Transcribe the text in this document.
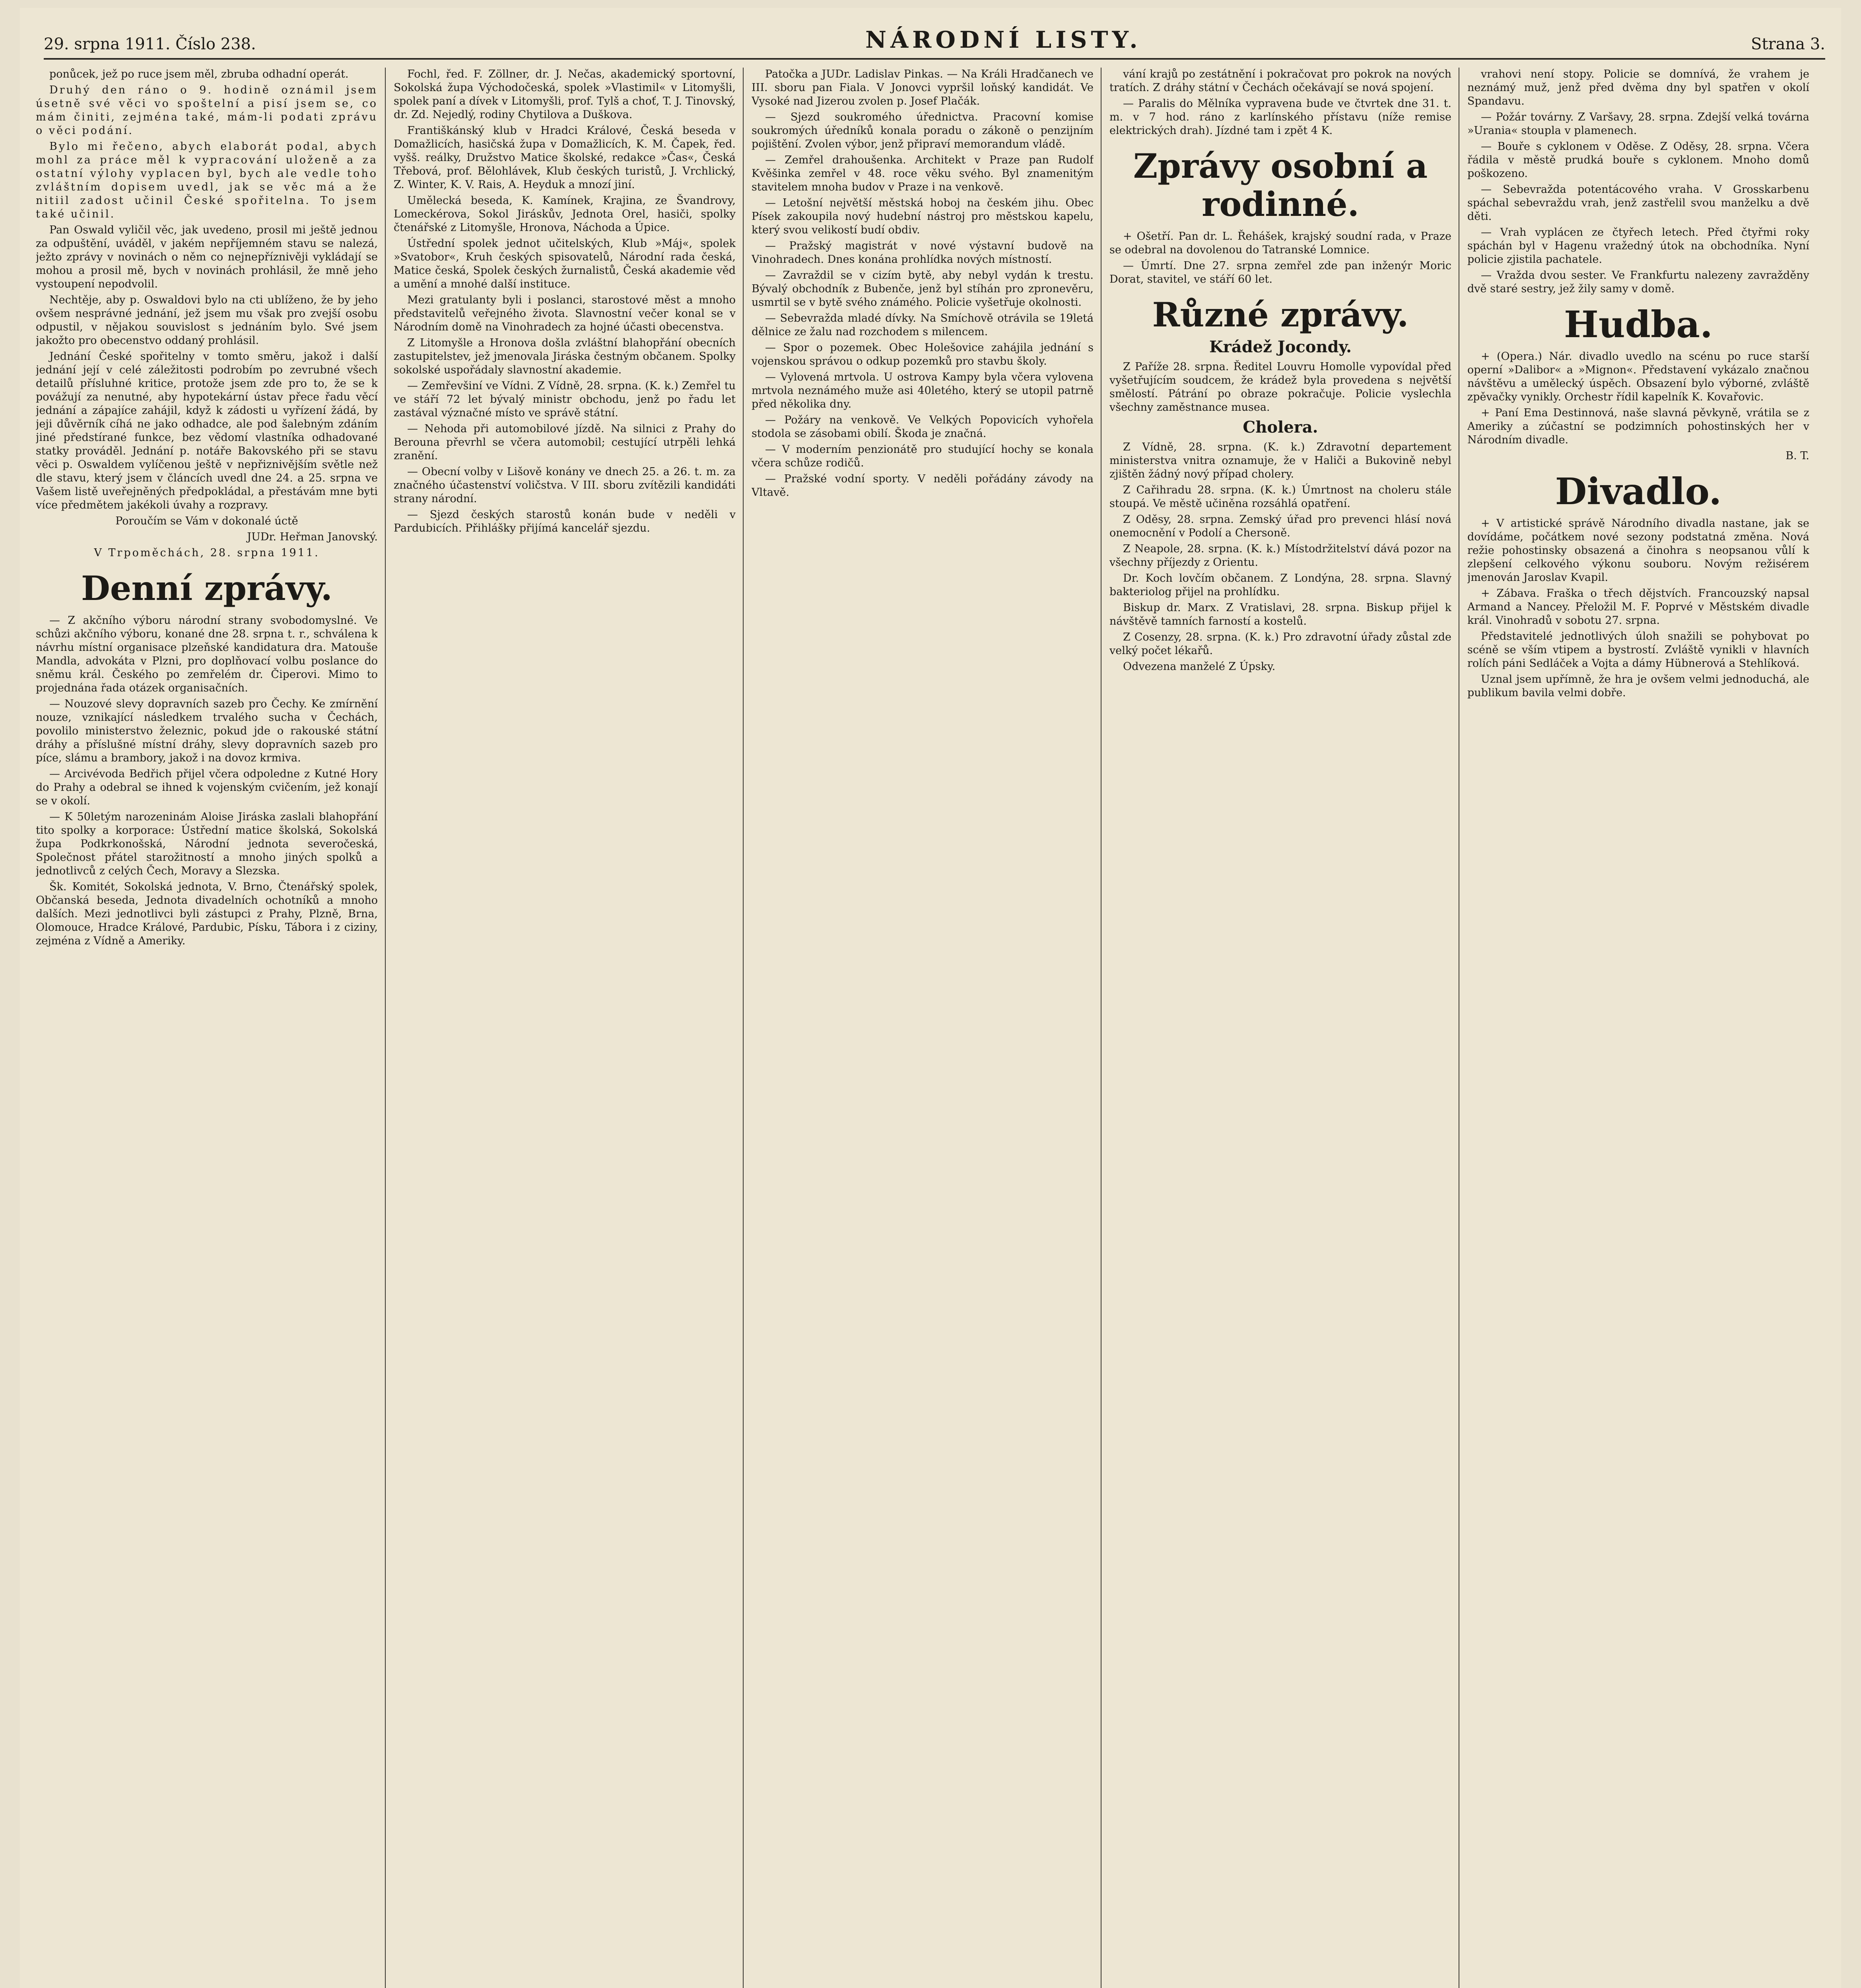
29. srpna 1911. Číslo 238.	NÁRODNÍ LISTY.	Strana 3.

ponůcek, jež po ruce jsem měl, zbruba odhadní operát.

Druhý den ráno o 9. hodině oznámil jsem úsetně své věci vo spoštelní a pisí jsem se, co mám činiti, zejména také, mám-li podati zprávu o věci podání.

Bylo mi řečeno, abych elaborát podal, abych mohl za práce měl k vypracování uloženě a za ostatní výlohy vyplacen byl, bych ale vedle toho zvláštním dopisem uvedl, jak se věc má a že nitiil zadost učinil České spořitelna. To jsem také učinil.

Pan Oswald vyličil věc, jak uvedeno, prosil mi ještě jednou za odpuštění, uváděl, v jakém nepříjemném stavu se nalezá, ježto zprávy v novinách o něm co nejnepříznivěji vykládají se mohou a prosil mě, bych v novinách prohlásil, že mně jeho vystoupení nepodvolil.

Nechtěje, aby p. Oswaldovi bylo na cti ublíženo, že by jeho ovšem nesprávné jednání, jež jsem mu však pro zvejší osobu odpustil, v nějakou souvislost s jednáním bylo. Své jsem jakožto pro obecenstvo oddaný prohlásil.

Jednání České spořitelny v tomto směru, jakož i další jednání její v celé záležitosti podrobím po zevrubné všech detailů přísluhné kritice, protože jsem zde pro to, že se k povážují za nenutné, aby hypotekární ústav přece řadu věcí jednání a zápajíce zahájil, když k zádosti u vyřízení žádá, by jeji důvěrník cíhá ne jako odhadce, ale pod šalebným zdáním jiné předstírané funkce, bez vědomí vlastníka odhadované statky prováděl. Jednání p. notáře Bakovského při se stavu věci p. Oswaldem vylíčenou ještě v nepřiznivějším světle než dle stavu, který jsem v článcích uvedl dne 24. a 25. srpna ve Vašem listě uveřejněných předpokládal, a přestávám mne byti více předmětem jakékoli úvahy a rozpravy.

Poroučím se Vám v dokonalé úctě

JUDr. Heřman Janovský.

V Trpoměchách, 28. srpna 1911.

Denní zprávy.

— Z akčního výboru národní strany svobodomyslné. Ve schůzi akčního výboru, konané dne 28. srpna t. r., schválena k návrhu místní organisace plzeňské kandidatura dra. Matouše Mandla, advokáta v Plzni, pro doplňovací volbu poslance do sněmu král. Českého po zemřelém dr. Čiperovi. Mimo to projednána řada otázek organisačních.

— Nouzové slevy dopravních sazeb pro Čechy. Ke zmírnění nouze, vznikající následkem trvalého sucha v Čechách, povolilo ministerstvo železnic, pokud jde o rakouské státní dráhy a příslušné místní dráhy, slevy dopravních sazeb pro píce, slámu a brambory, jakož i na dovoz krmiva.

— Arcivévoda Bedřich přijel včera odpoledne z Kutné Hory do Prahy a odebral se ihned k vojenským cvičením, jež konají se v okolí.

— K 50letým narozeninám Aloise Jiráska zaslali blahopřání tito spolky a korporace: Ústřední matice školská, Sokolská župa Podkrkonošská, Národní jednota severočeská, Společnost přátel starožitností a mnoho jiných spolků a jednotlivců z celých Čech, Moravy a Slezska.

Šk. Komitét, Sokolská jednota, V. Brno, Čtenářský spolek, Občanská beseda, Jednota divadelních ochotníků a mnoho dalších. Mezi jednotlivci byli zástupci z Prahy, Plzně, Brna, Olomouce, Hradce Králové, Pardubic, Písku, Tábora i z ciziny, zejména z Vídně a Ameriky.

Fochl, řed. F. Zöllner, dr. J. Nečas, akademický sportovní, Sokolská župa Východočeská, spolek »Vlastimil« v Litomyšli, spolek paní a dívek v Litomyšli, prof. Tylš a choť, T. J. Tinovský, dr. Zd. Nejedlý, rodiny Chytilova a Duškova.

Františkánský klub v Hradci Králové, Česká beseda v Domažlicích, hasičská župa v Domažlicích, K. M. Čapek, řed. vyšš. reálky, Družstvo Matice školské, redakce »Čas«, Česká Třebová, prof. Bělohlávek, Klub českých turistů, J. Vrchlický, Z. Winter, K. V. Rais, A. Heyduk a mnozí jiní.

Umělecká beseda, K. Kamínek, Krajina, ze Švandrovy, Lomeckérova, Sokol Jiráskův, Jednota Orel, hasiči, spolky čtenářské z Litomyšle, Hronova, Náchoda a Úpice.

Ústřední spolek jednot učitelských, Klub »Máj«, spolek »Svatobor«, Kruh českých spisovatelů, Národní rada česká, Matice česká, Spolek českých žurnalistů, Česká akademie věd a umění a mnohé další instituce.

Mezi gratulanty byli i poslanci, starostové měst a mnoho představitelů veřejného života. Slavnostní večer konal se v Národním domě na Vinohradech za hojné účasti obecenstva.

Z Litomyšle a Hronova došla zvláštní blahopřání obecních zastupitelstev, jež jmenovala Jiráska čestným občanem. Spolky sokolské uspořádaly slavnostní akademie.

— Zemřevšiní ve Vídni. Z Vídně, 28. srpna. (K. k.) Zemřel tu ve stáří 72 let bývalý ministr obchodu, jenž po řadu let zastával význačné místo ve správě státní.

— Nehoda při automobilové jízdě. Na silnici z Prahy do Berouna převrhl se včera automobil; cestující utrpěli lehká zranění.

— Obecní volby v Lišově konány ve dnech 25. a 26. t. m. za značného účastenství voličstva. V III. sboru zvítězili kandidáti strany národní.

— Sjezd českých starostů konán bude v neděli v Pardubicích. Přihlášky přijímá kancelář sjezdu.

Patočka a JUDr. Ladislav Pinkas. — Na Králi Hradčanech ve III. sboru pan Fiala. V Jonovci vypršil loňský kandidát. Ve Vysoké nad Jizerou zvolen p. Josef Plačák.

— Sjezd soukromého úřednictva. Pracovní komise soukromých úředníků konala poradu o zákoně o penzijním pojištění. Zvolen výbor, jenž připraví memorandum vládě.

— Zemřel drahoušenka. Architekt v Praze pan Rudolf Kvěšinka zemřel v 48. roce věku svého. Byl znamenitým stavitelem mnoha budov v Praze i na venkově.

— Letošní největší městská hoboj na českém jihu. Obec Písek zakoupila nový hudební nástroj pro městskou kapelu, který svou velikostí budí obdiv.

— Pražský magistrát v nové výstavní budově na Vinohradech. Dnes konána prohlídka nových místností.

— Zavraždil se v cizím bytě, aby nebyl vydán k trestu. Bývalý obchodník z Bubenče, jenž byl stíhán pro zpronevěru, usmrtil se v bytě svého známého. Policie vyšetřuje okolnosti.

— Sebevražda mladé dívky. Na Smíchově otrávila se 19letá dělnice ze žalu nad rozchodem s milencem.

— Spor o pozemek. Obec Holešovice zahájila jednání s vojenskou správou o odkup pozemků pro stavbu školy.

— Vylovená mrtvola. U ostrova Kampy byla včera vylovena mrtvola neznámého muže asi 40letého, který se utopil patrně před několika dny.

— Požáry na venkově. Ve Velkých Popovicích vyhořela stodola se zásobami obilí. Škoda je značná.

— V moderním penzionátě pro studující hochy se konala včera schůze rodičů.

— Pražské vodní sporty. V neděli pořádány závody na Vltavě.

vání krajů po zestátnění i pokračovat pro pokrok na nových tratích. Z dráhy státní v Čechách očekávají se nová spojení.

— Paralis do Mělníka vypravena bude ve čtvrtek dne 31. t. m. v 7 hod. ráno z karlínského přístavu (níže remise elektrických drah). Jízdné tam i zpět 4 K.

Zprávy osobní a rodinné.

+ Ošetří. Pan dr. L. Řehášek, krajský soudní rada, v Praze se odebral na dovolenou do Tatranské Lomnice.

— Úmrtí. Dne 27. srpna zemřel zde pan inženýr Moric Dorat, stavitel, ve stáří 60 let.

Různé zprávy.
Krádež Jocondy.

Z Paříže 28. srpna. Ředitel Louvru Homolle vypovídal před vyšetřujícím soudcem, že krádež byla provedena s největší smělostí. Pátrání po obraze pokračuje. Policie vyslechla všechny zaměstnance musea.

Cholera.

Z Vídně, 28. srpna. (K. k.) Zdravotní departement ministerstva vnitra oznamuje, že v Haliči a Bukovině nebyl zjištěn žádný nový případ cholery.

Z Cařihradu 28. srpna. (K. k.) Úmrtnost na choleru stále stoupá. Ve městě učiněna rozsáhlá opatření.

Z Oděsy, 28. srpna. Zemský úřad pro prevenci hlásí nová onemocnění v Podolí a Chersoně.

Z Neapole, 28. srpna. (K. k.) Místodržitelství dává pozor na všechny příjezdy z Orientu.

Dr. Koch lovčím občanem. Z Londýna, 28. srpna. Slavný bakteriolog přijel na prohlídku.

Biskup dr. Marx. Z Vratislavi, 28. srpna. Biskup přijel k návštěvě tamních farností a kostelů.

Z Cosenzy, 28. srpna. (K. k.) Pro zdravotní úřady zůstal zde velký počet lékařů.

Odvezena manželé Z Úpsky.

vrahovi není stopy. Policie se domnívá, že vrahem je neznámý muž, jenž před dvěma dny byl spatřen v okolí Spandavu.

— Požár továrny. Z Varšavy, 28. srpna. Zdejší velká továrna »Urania« stoupla v plamenech.

— Bouře s cyklonem v Oděse. Z Oděsy, 28. srpna. Včera řádila v městě prudká bouře s cyklonem. Mnoho domů poškozeno.

— Sebevražda potentácového vraha. V Grosskarbenu spáchal sebevraždu vrah, jenž zastřelil svou manželku a dvě děti.

— Vrah vyplácen ze čtyřech letech. Před čtyřmi roky spáchán byl v Hagenu vražedný útok na obchodníka. Nyní policie zjistila pachatele.

— Vražda dvou sester. Ve Frankfurtu nalezeny zavražděny dvě staré sestry, jež žily samy v domě.

Hudba.

+ (Opera.) Nár. divadlo uvedlo na scénu po ruce starší operní »Dalibor« a »Mignon«. Představení vykázalo značnou návštěvu a umělecký úspěch. Obsazení bylo výborné, zvláště zpěvačky vynikly. Orchestr řídil kapelník K. Kovařovic.

+ Paní Ema Destinnová, naše slavná pěvkyně, vrátila se z Ameriky a zúčastní se podzimních pohostinských her v Národním divadle.

B. T.

Divadlo.

+ V artistické správě Národního divadla nastane, jak se dovídáme, počátkem nové sezony podstatná změna. Nová režie pohostinsky obsazená a činohra s neopsanou vůlí k zlepšení celkového výkonu souboru. Novým režisérem jmenován Jaroslav Kvapil.

+ Zábava. Fraška o třech dějstvích. Francouzský napsal Armand a Nancey. Přeložil M. F. Poprvé v Městském divadle král. Vinohradů v sobotu 27. srpna.

Představitelé jednotlivých úloh snažili se pohybovat po scéně se vším vtipem a bystrostí. Zvláště vynikli v hlavních rolích páni Sedláček a Vojta a dámy Hübnerová a Stehlíková.

Uznal jsem upřímně, že hra je ovšem velmi jednoduchá, ale publikum bavila velmi dobře.
